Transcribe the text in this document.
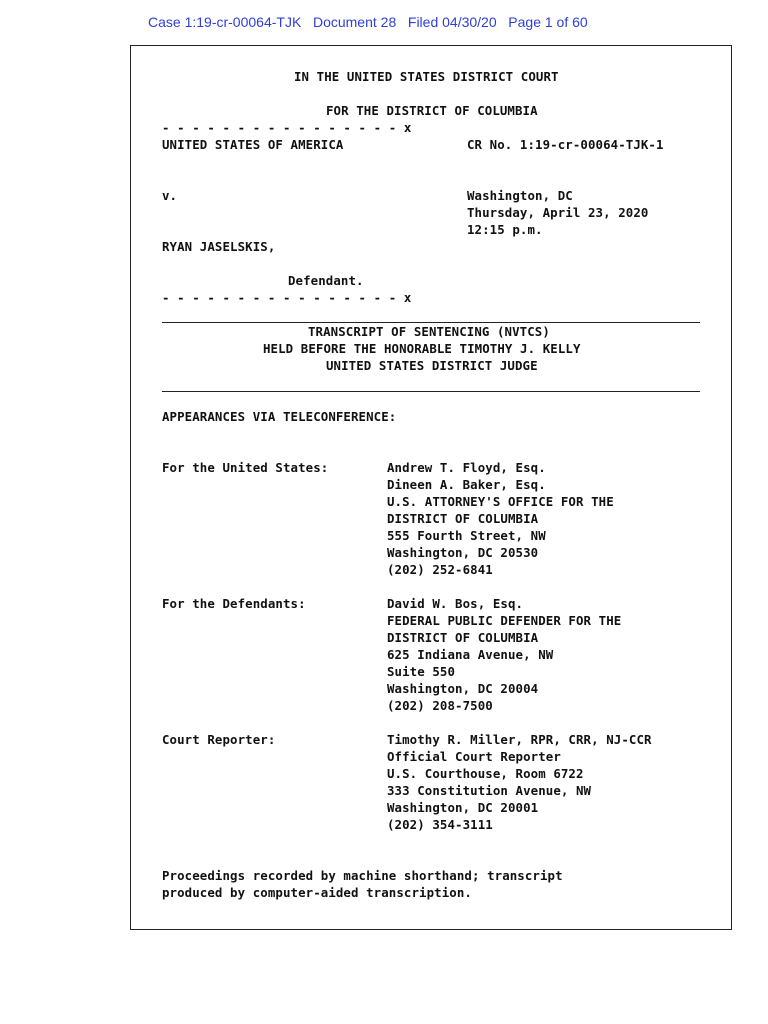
Case 1:19-cr-00064-TJK   Document 28   Filed 04/30/20   Page 1 of 60
IN THE UNITED STATES DISTRICT COURT
FOR THE DISTRICT OF COLUMBIA
- - - - - - - - - - - - - - - - x
UNITED STATES OF AMERICA	CR No. 1:19-cr-00064-TJK-1
v.	Washington, DC
Thursday, April 23, 2020
12:15 p.m.
RYAN JASELSKIS,
Defendant.
- - - - - - - - - - - - - - - - x
TRANSCRIPT OF SENTENCING (NVTCS)
HELD BEFORE THE HONORABLE TIMOTHY J. KELLY
UNITED STATES DISTRICT JUDGE
APPEARANCES VIA TELECONFERENCE:
For the United States:	Andrew T. Floyd, Esq.
Dineen A. Baker, Esq.
U.S. ATTORNEY'S OFFICE FOR THE
DISTRICT OF COLUMBIA
555 Fourth Street, NW
Washington, DC 20530
(202) 252-6841
For the Defendants:	David W. Bos, Esq.
FEDERAL PUBLIC DEFENDER FOR THE
DISTRICT OF COLUMBIA
625 Indiana Avenue, NW
Suite 550
Washington, DC 20004
(202) 208-7500
Court Reporter:	Timothy R. Miller, RPR, CRR, NJ-CCR
Official Court Reporter
U.S. Courthouse, Room 6722
333 Constitution Avenue, NW
Washington, DC 20001
(202) 354-3111
Proceedings recorded by machine shorthand; transcript
produced by computer-aided transcription.
